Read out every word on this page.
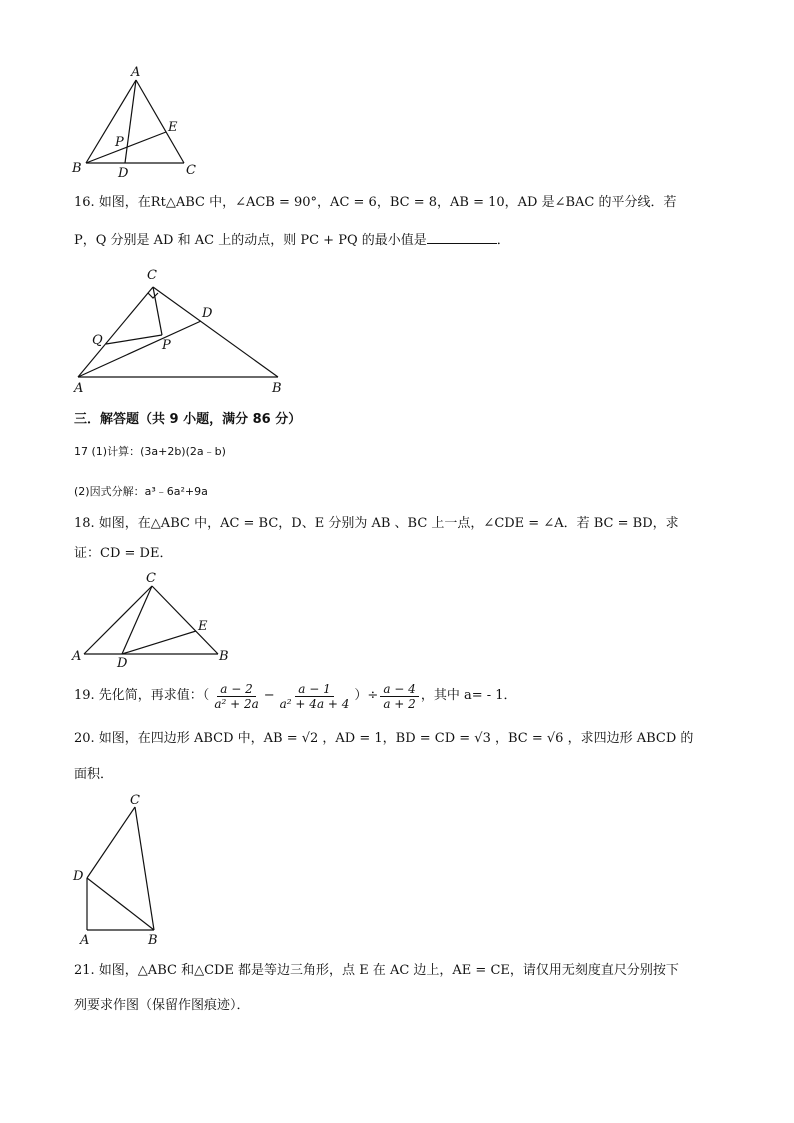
A
B	C
D
E
P
16. 如图，在Rt△ABC 中，∠ACB = 90°，AC = 6，BC = 8，AB = 10，AD 是∠BAC 的平分线．若
P，Q 分别是 AD 和 AC 上的动点，则 PC + PQ 的最小值是	．
C
D
Q	P
A	B
三．解答题（共 9 小题，满分 86 分）
17 (1)计算：(3a+2b)(2a﹣b)
(2)因式分解：a³﹣6a²+9a
18. 如图，在△ABC 中，AC = BC，D、E 分别为 AB 、BC 上一点，∠CDE = ∠A．若 BC = BD，求
证：CD = DE．
C
E
A	D	B
19. 先化简，再求值：（ $\frac{a - 2}{\text{a² + 2a}} - \frac{a - 1}{\text{a² + 4a + 4}}$ ）÷ $\frac{a - 4}{a + 2}$ ，其中 a= - 1．
20. 如图，在四边形 ABCD 中，AB = √2 ，AD = 1，BD = CD = √3 ，BC = √6 ，求四边形 ABCD 的
面积．
C
D
A	B
21. 如图，△ABC 和△CDE 都是等边三角形，点 E 在 AC 边上，AE = CE，请仅用无刻度直尺分别按下
列要求作图（保留作图痕迹）．
